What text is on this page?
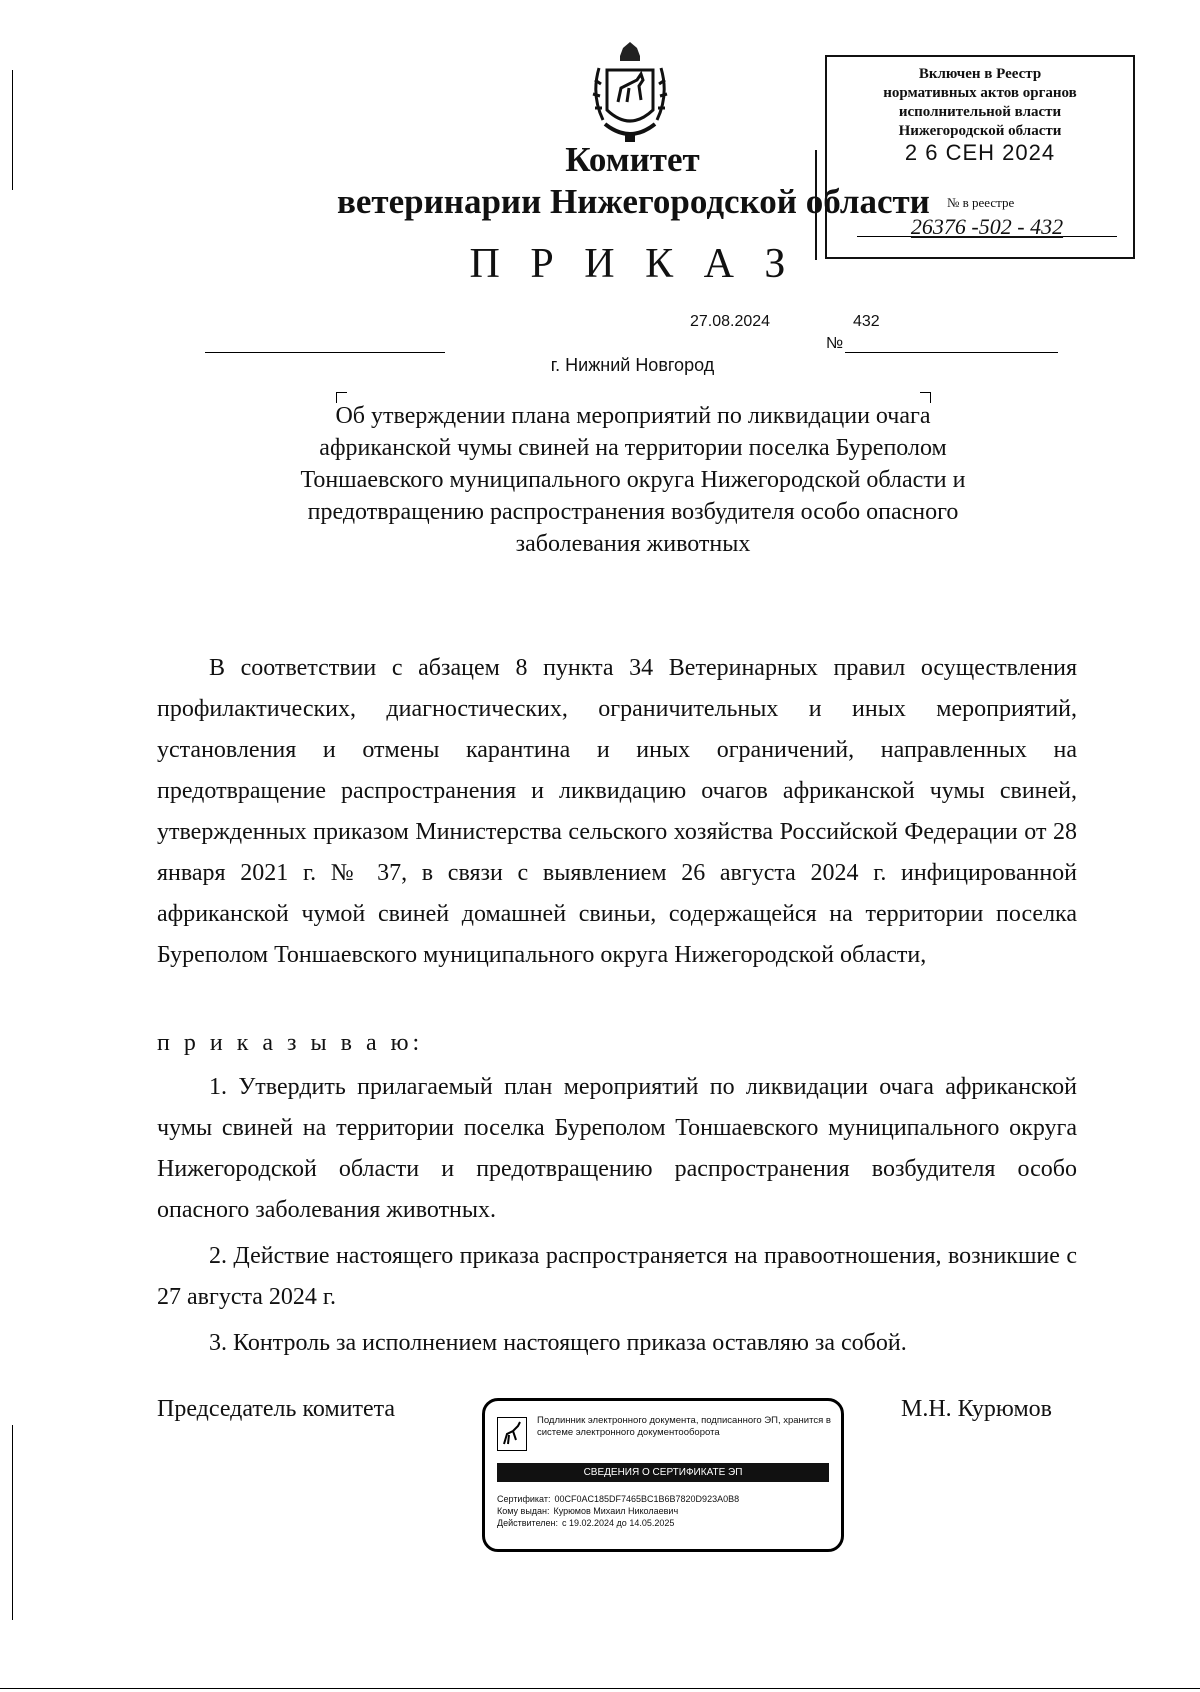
Комитет
ветеринарии Нижегородской области
П Р И К А З
Включен в Реестр
нормативных актов органов
исполнительной власти
Нижегородской области
2 6 СЕН 2024
№ в реестре
26376 -502 - 432
27.08.2024	432
№
г. Нижний Новгород
Об утверждении плана мероприятий по ликвидации очага африканской чумы свиней на территории поселка Буреполом Тоншаевского муниципального округа Нижегородской области и предотвращению распространения возбудителя особо опасного заболевания животных
В соответствии с абзацем 8 пункта 34 Ветеринарных правил осуществления профилактических, диагностических, ограничительных и иных мероприятий, установления и отмены карантина и иных ограничений, направленных на предотвращение распространения и ликвидацию очагов африканской чумы свиней, утвержденных приказом Министерства сельского хозяйства Российской Федерации от 28 января 2021 г. № 37, в связи с выявлением 26 августа 2024 г. инфицированной африканской чумой свиней домашней свиньи, содержащейся на территории поселка Буреполом Тоншаевского муниципального округа Нижегородской области,
п р и к а з ы в а ю:

1. Утвердить прилагаемый план мероприятий по ликвидации очага африканской чумы свиней на территории поселка Буреполом Тоншаевского муниципального округа Нижегородской области и предотвращению распространения возбудителя особо опасного заболевания животных.

2. Действие настоящего приказа распространяется на правоотношения, возникшие с 27 августа 2024 г.

3. Контроль за исполнением настоящего приказа оставляю за собой.

Председатель комитета	М.Н. Курюмов
Подлинник электронного документа, подписанного ЭП, хранится в системе электронного документооборота
СВЕДЕНИЯ О СЕРТИФИКАТЕ ЭП
Сертификат: 00CF0AC185DF7465BC1B6B7820D923A0B8
Кому выдан: Курюмов Михаил Николаевич
Действителен: с 19.02.2024 до 14.05.2025
